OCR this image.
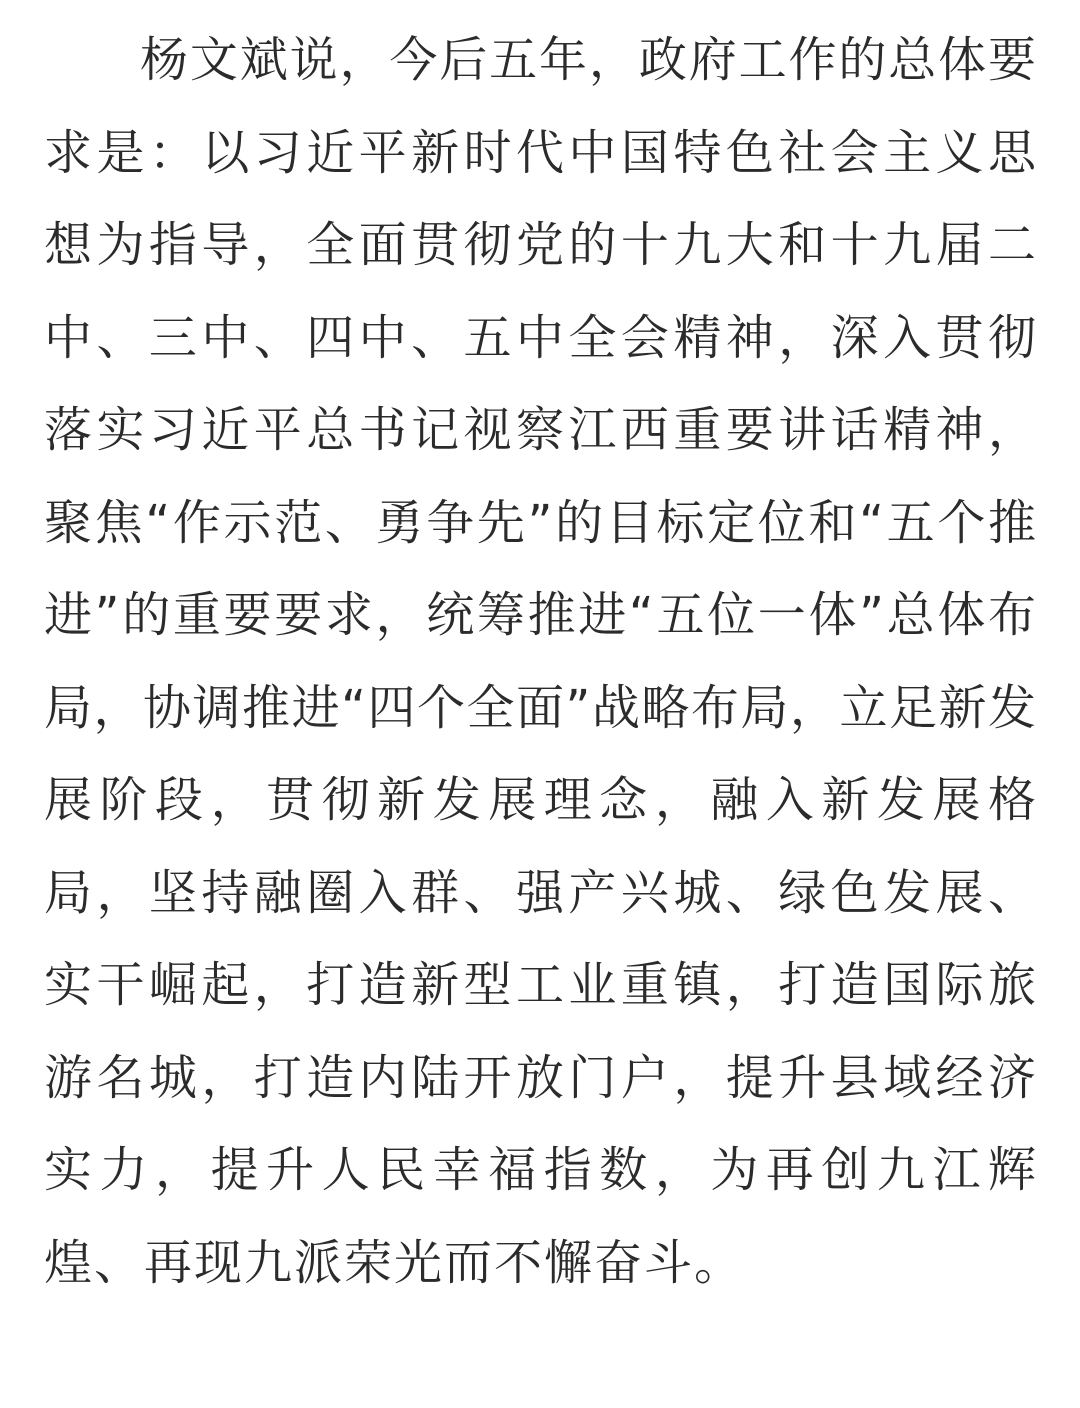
杨文斌说，今后五年，政府工作的总体要
求是：以习近平新时代中国特色社会主义思
想为指导，全面贯彻党的十九大和十九届二
中、三中、四中、五中全会精神，深入贯彻
落实习近平总书记视察江西重要讲话精神，
聚焦“作示范、勇争先”的目标定位和“五个推
进”的重要要求，统筹推进“五位一体”总体布
局，协调推进“四个全面”战略布局，立足新发
展阶段，贯彻新发展理念，融入新发展格
局，坚持融圈入群、强产兴城、绿色发展、
实干崛起，打造新型工业重镇，打造国际旅
游名城，打造内陆开放门户，提升县域经济
实力，提升人民幸福指数，为再创九江辉
煌、再现九派荣光而不懈奋斗。
